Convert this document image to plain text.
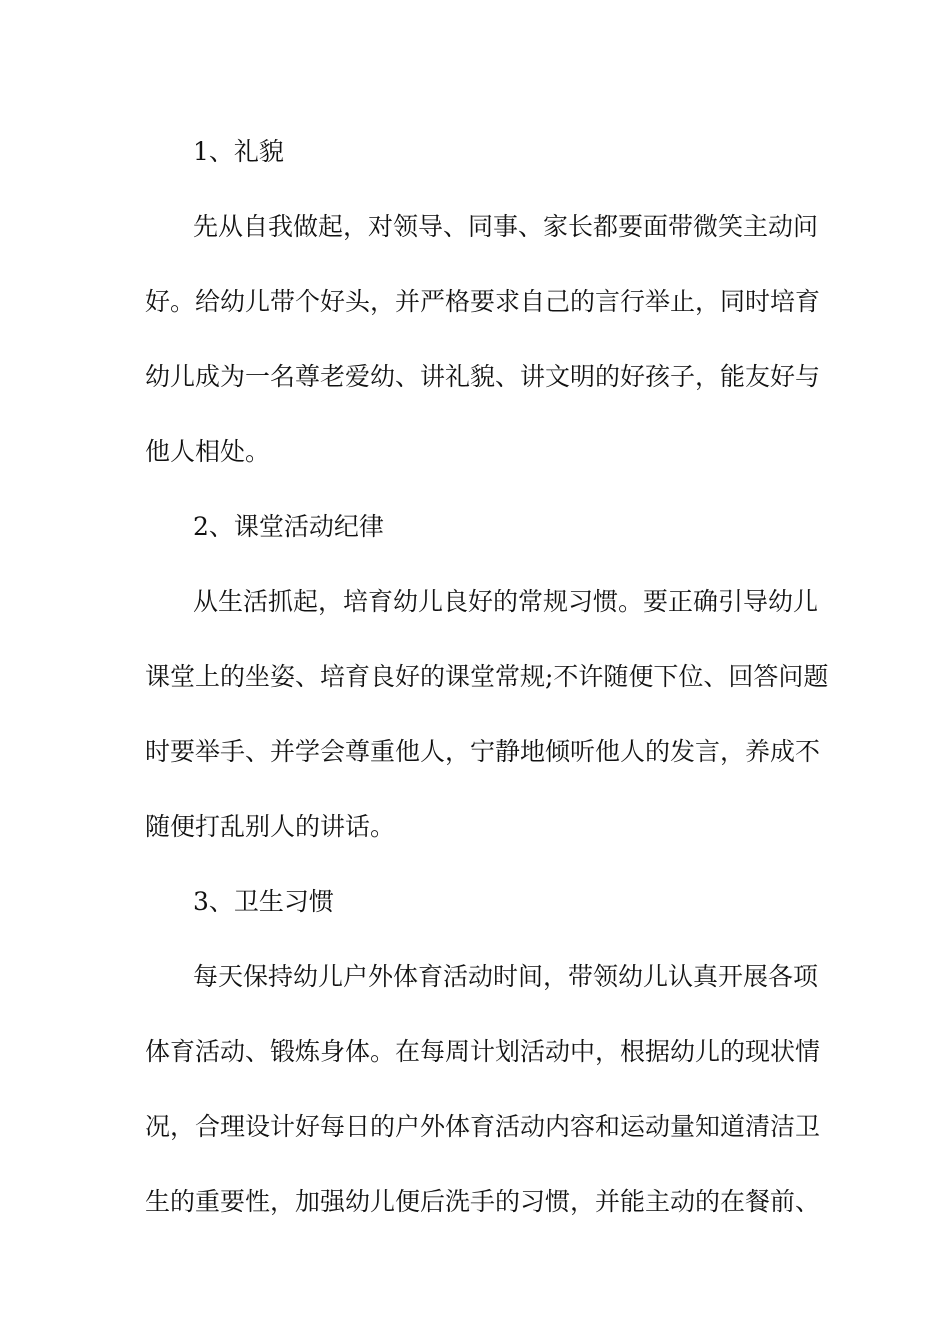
1、礼貌
先从自我做起，对领导、同事、家长都要面带微笑主动问
好。给幼儿带个好头，并严格要求自己的言行举止，同时培育
幼儿成为一名尊老爱幼、讲礼貌、讲文明的好孩子，能友好与
他人相处。
2、课堂活动纪律
从生活抓起，培育幼儿良好的常规习惯。要正确引导幼儿
课堂上的坐姿、培育良好的课堂常规;不许随便下位、回答问题
时要举手、并学会尊重他人，宁静地倾听他人的发言，养成不
随便打乱别人的讲话。
3、卫生习惯
每天保持幼儿户外体育活动时间，带领幼儿认真开展各项
体育活动、锻炼身体。在每周计划活动中，根据幼儿的现状情
况，合理设计好每日的户外体育活动内容和运动量知道清洁卫
生的重要性，加强幼儿便后洗手的习惯，并能主动的在餐前、
